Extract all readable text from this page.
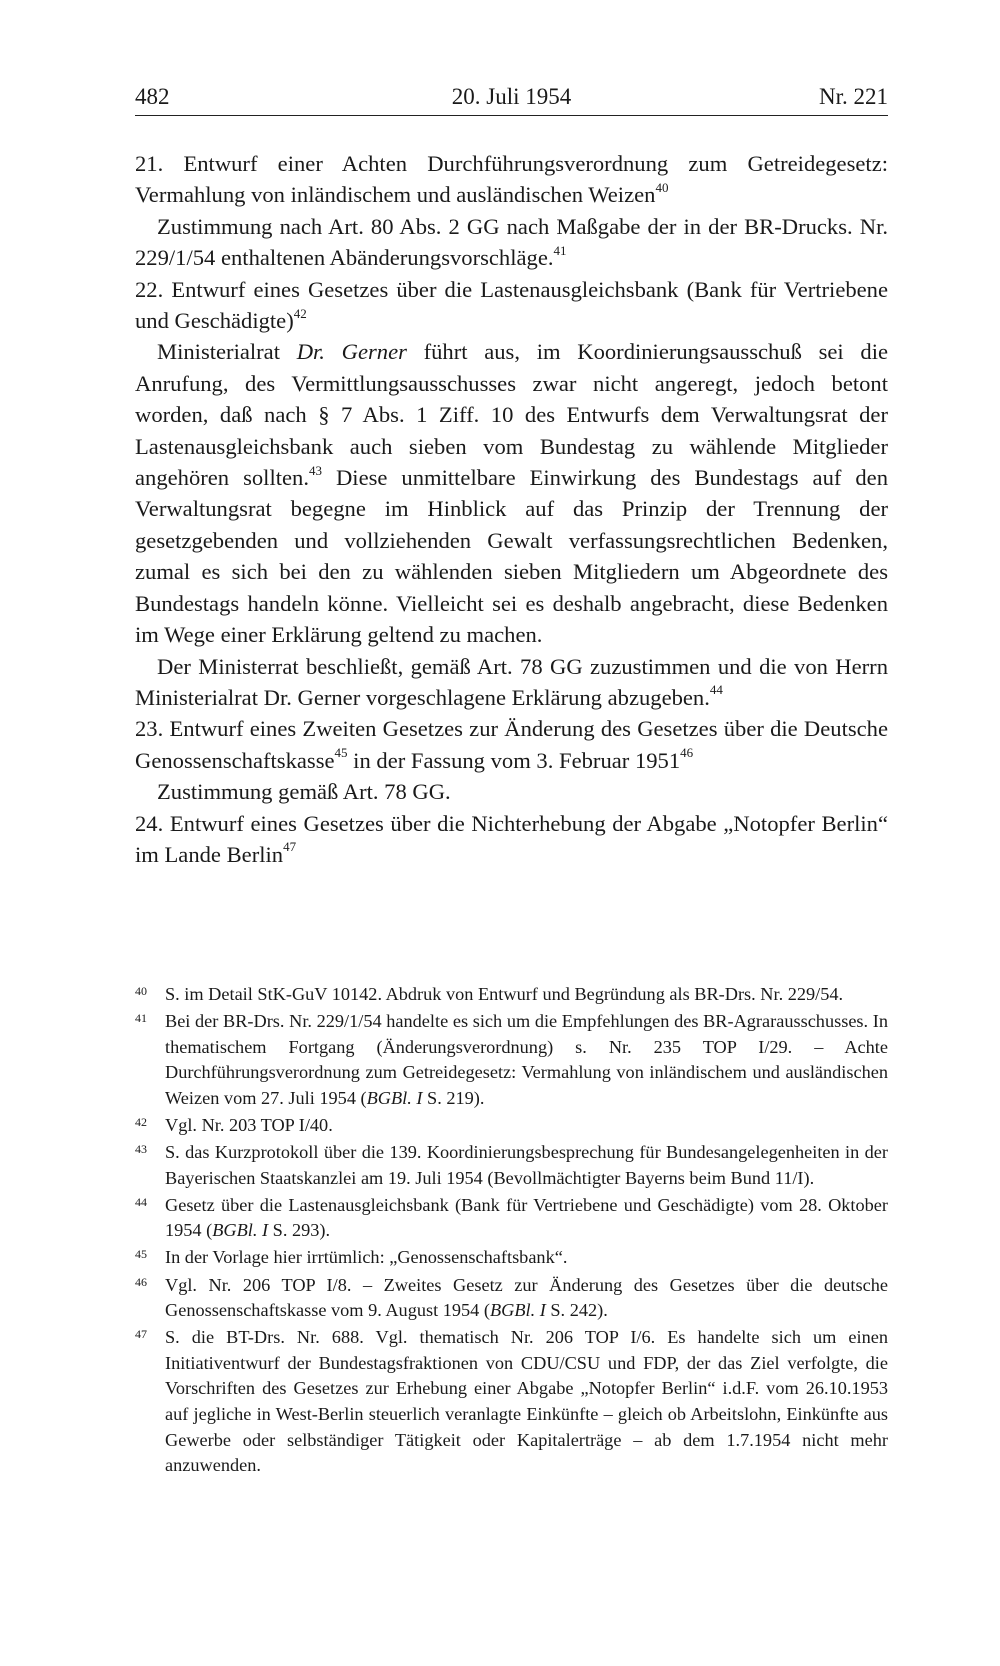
482	20. Juli 1954	Nr. 221

21. Entwurf einer Achten Durchführungsverordnung zum Getreidegesetz: Vermahlung von inländischem und ausländischen Weizen$^{40}$

Zustimmung nach Art. 80 Abs. 2 GG nach Maßgabe der in der BR-Drucks. Nr. 229/1/54 enthaltenen Abänderungsvorschläge.$^{41}$

22. Entwurf eines Gesetzes über die Lastenausgleichsbank (Bank für Vertriebene und Geschädigte)$^{42}$

Ministerialrat Dr. Gerner führt aus, im Koordinierungsausschuß sei die Anrufung, des Vermittlungsausschusses zwar nicht angeregt, jedoch betont worden, daß nach § 7 Abs. 1 Ziff. 10 des Entwurfs dem Verwaltungsrat der Lastenausgleichsbank auch sieben vom Bundestag zu wählende Mitglieder angehören sollten.$^{43}$ Diese unmittelbare Einwirkung des Bundestags auf den Verwaltungsrat begegne im Hinblick auf das Prinzip der Trennung der gesetzgebenden und vollziehenden Gewalt verfassungsrechtlichen Bedenken, zumal es sich bei den zu wählenden sieben Mitgliedern um Abgeordnete des Bundestags handeln könne. Vielleicht sei es deshalb angebracht, diese Bedenken im Wege einer Erklärung geltend zu machen.

Der Ministerrat beschließt, gemäß Art. 78 GG zuzustimmen und die von Herrn Ministerialrat Dr. Gerner vorgeschlagene Erklärung abzugeben.$^{44}$

23. Entwurf eines Zweiten Gesetzes zur Änderung des Gesetzes über die Deutsche Genossenschaftskasse$^{45}$ in der Fassung vom 3. Februar 1951$^{46}$

Zustimmung gemäß Art. 78 GG.

24. Entwurf eines Gesetzes über die Nichterhebung der Abgabe „Notopfer Berlin“ im Lande Berlin$^{47}$

40 S. im Detail StK-GuV 10142. Abdruk von Entwurf und Begründung als BR-Drs. Nr. 229/54.
41 Bei der BR-Drs. Nr. 229/1/54 handelte es sich um die Empfehlungen des BR-Agrarausschusses. In thematischem Fortgang (Änderungsverordnung) s. Nr. 235 TOP I/29. – Achte Durchführungsverordnung zum Getreidegesetz: Vermahlung von inländischem und ausländischen Weizen vom 27. Juli 1954 (BGBl. I S. 219).
42 Vgl. Nr. 203 TOP I/40.
43 S. das Kurzprotokoll über die 139. Koordinierungsbesprechung für Bundesangelegenheiten in der Bayerischen Staatskanzlei am 19. Juli 1954 (Bevollmächtigter Bayerns beim Bund 11/I).
44 Gesetz über die Lastenausgleichsbank (Bank für Vertriebene und Geschädigte) vom 28. Oktober 1954 (BGBl. I S. 293).
45 In der Vorlage hier irrtümlich: „Genossenschaftsbank“.
46 Vgl. Nr. 206 TOP I/8. – Zweites Gesetz zur Änderung des Gesetzes über die deutsche Genossenschaftskasse vom 9. August 1954 (BGBl. I S. 242).
47 S. die BT-Drs. Nr. 688. Vgl. thematisch Nr. 206 TOP I/6. Es handelte sich um einen Initiativentwurf der Bundestagsfraktionen von CDU/CSU und FDP, der das Ziel verfolgte, die Vorschriften des Gesetzes zur Erhebung einer Abgabe „Notopfer Berlin“ i.d.F. vom 26.10.1953 auf jegliche in West-Berlin steuerlich veranlagte Einkünfte – gleich ob Arbeitslohn, Einkünfte aus Gewerbe oder selbständiger Tätigkeit oder Kapitalerträge – ab dem 1.7.1954 nicht mehr anzuwenden.
